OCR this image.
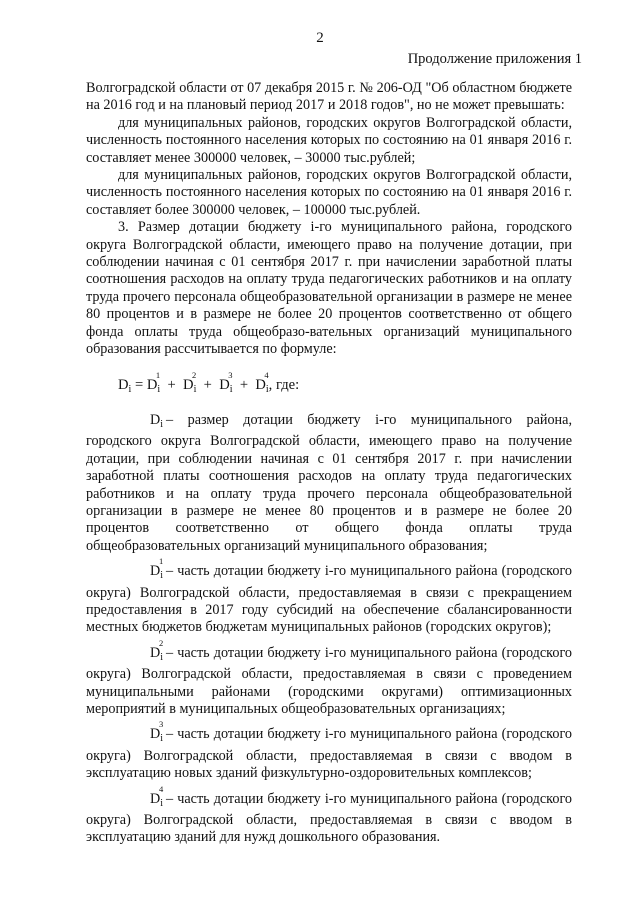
2
Продолжение приложения 1

Волгоградской области от 07 декабря 2015 г. № 206-ОД "Об областном бюджете на 2016 год и на плановый период 2017 и 2018 годов", но не может превышать:

для муниципальных районов, городских округов Волгоградской области, численность постоянного населения которых по состоянию на 01 января 2016 г. составляет менее 300000 человек, – 30000 тыс.рублей;

для муниципальных районов, городских округов Волгоградской области, численность постоянного населения которых по состоянию на 01 января 2016 г. составляет более 300000 человек, – 100000 тыс.рублей.

3. Размер дотации бюджету i-го муниципального района, городского округа Волгоградской области, имеющего право на получение дотации, при соблюдении начиная с 01 сентября 2017 г. при начислении заработной платы соотношения расходов на оплату труда педагогических работников и на оплату труда прочего персонала общеобразовательной организации в размере не менее 80 процентов и в размере не более 20 процентов соответственно от общего фонда оплаты труда общеобразо-вательных организаций муниципального образования рассчитывается по формуле:

$D_i = D$
1
$_i$ + D
2
$_i$ + D
3
$_i$ + D
4
$_i$, где:

$D_i$ – размер дотации бюджету i-го муниципального района, городского округа Волгоградской области, имеющего право на получение дотации, при соблюдении начиная с 01 сентября 2017 г. при начислении заработной платы соотношения расходов на оплату труда педагогических работников и на оплату труда прочего персонала общеобразовательной организации в размере не менее 80 процентов и в размере не более 20 процентов соответственно от общего фонда оплаты труда общеобразовательных организаций муниципального образования;

D
1
$_i$ – часть дотации бюджету i-го муниципального района (городского округа) Волгоградской области, предоставляемая в связи с прекращением предоставления в 2017 году субсидий на обеспечение сбалансированности местных бюджетов бюджетам муниципальных районов (городских округов);

D
2
$_i$ – часть дотации бюджету i-го муниципального района (городского округа) Волгоградской области, предоставляемая в связи с проведением муниципальными районами (городскими округами) оптимизационных мероприятий в муниципальных общеобразовательных организациях;

D
3
$_i$ – часть дотации бюджету i-го муниципального района (городского округа) Волгоградской области, предоставляемая в связи с вводом в эксплуатацию новых зданий физкультурно-оздоровительных комплексов;

D
4
$_i$ – часть дотации бюджету i-го муниципального района (городского округа) Волгоградской области, предоставляемая в связи с вводом в эксплуатацию зданий для нужд дошкольного образования.
